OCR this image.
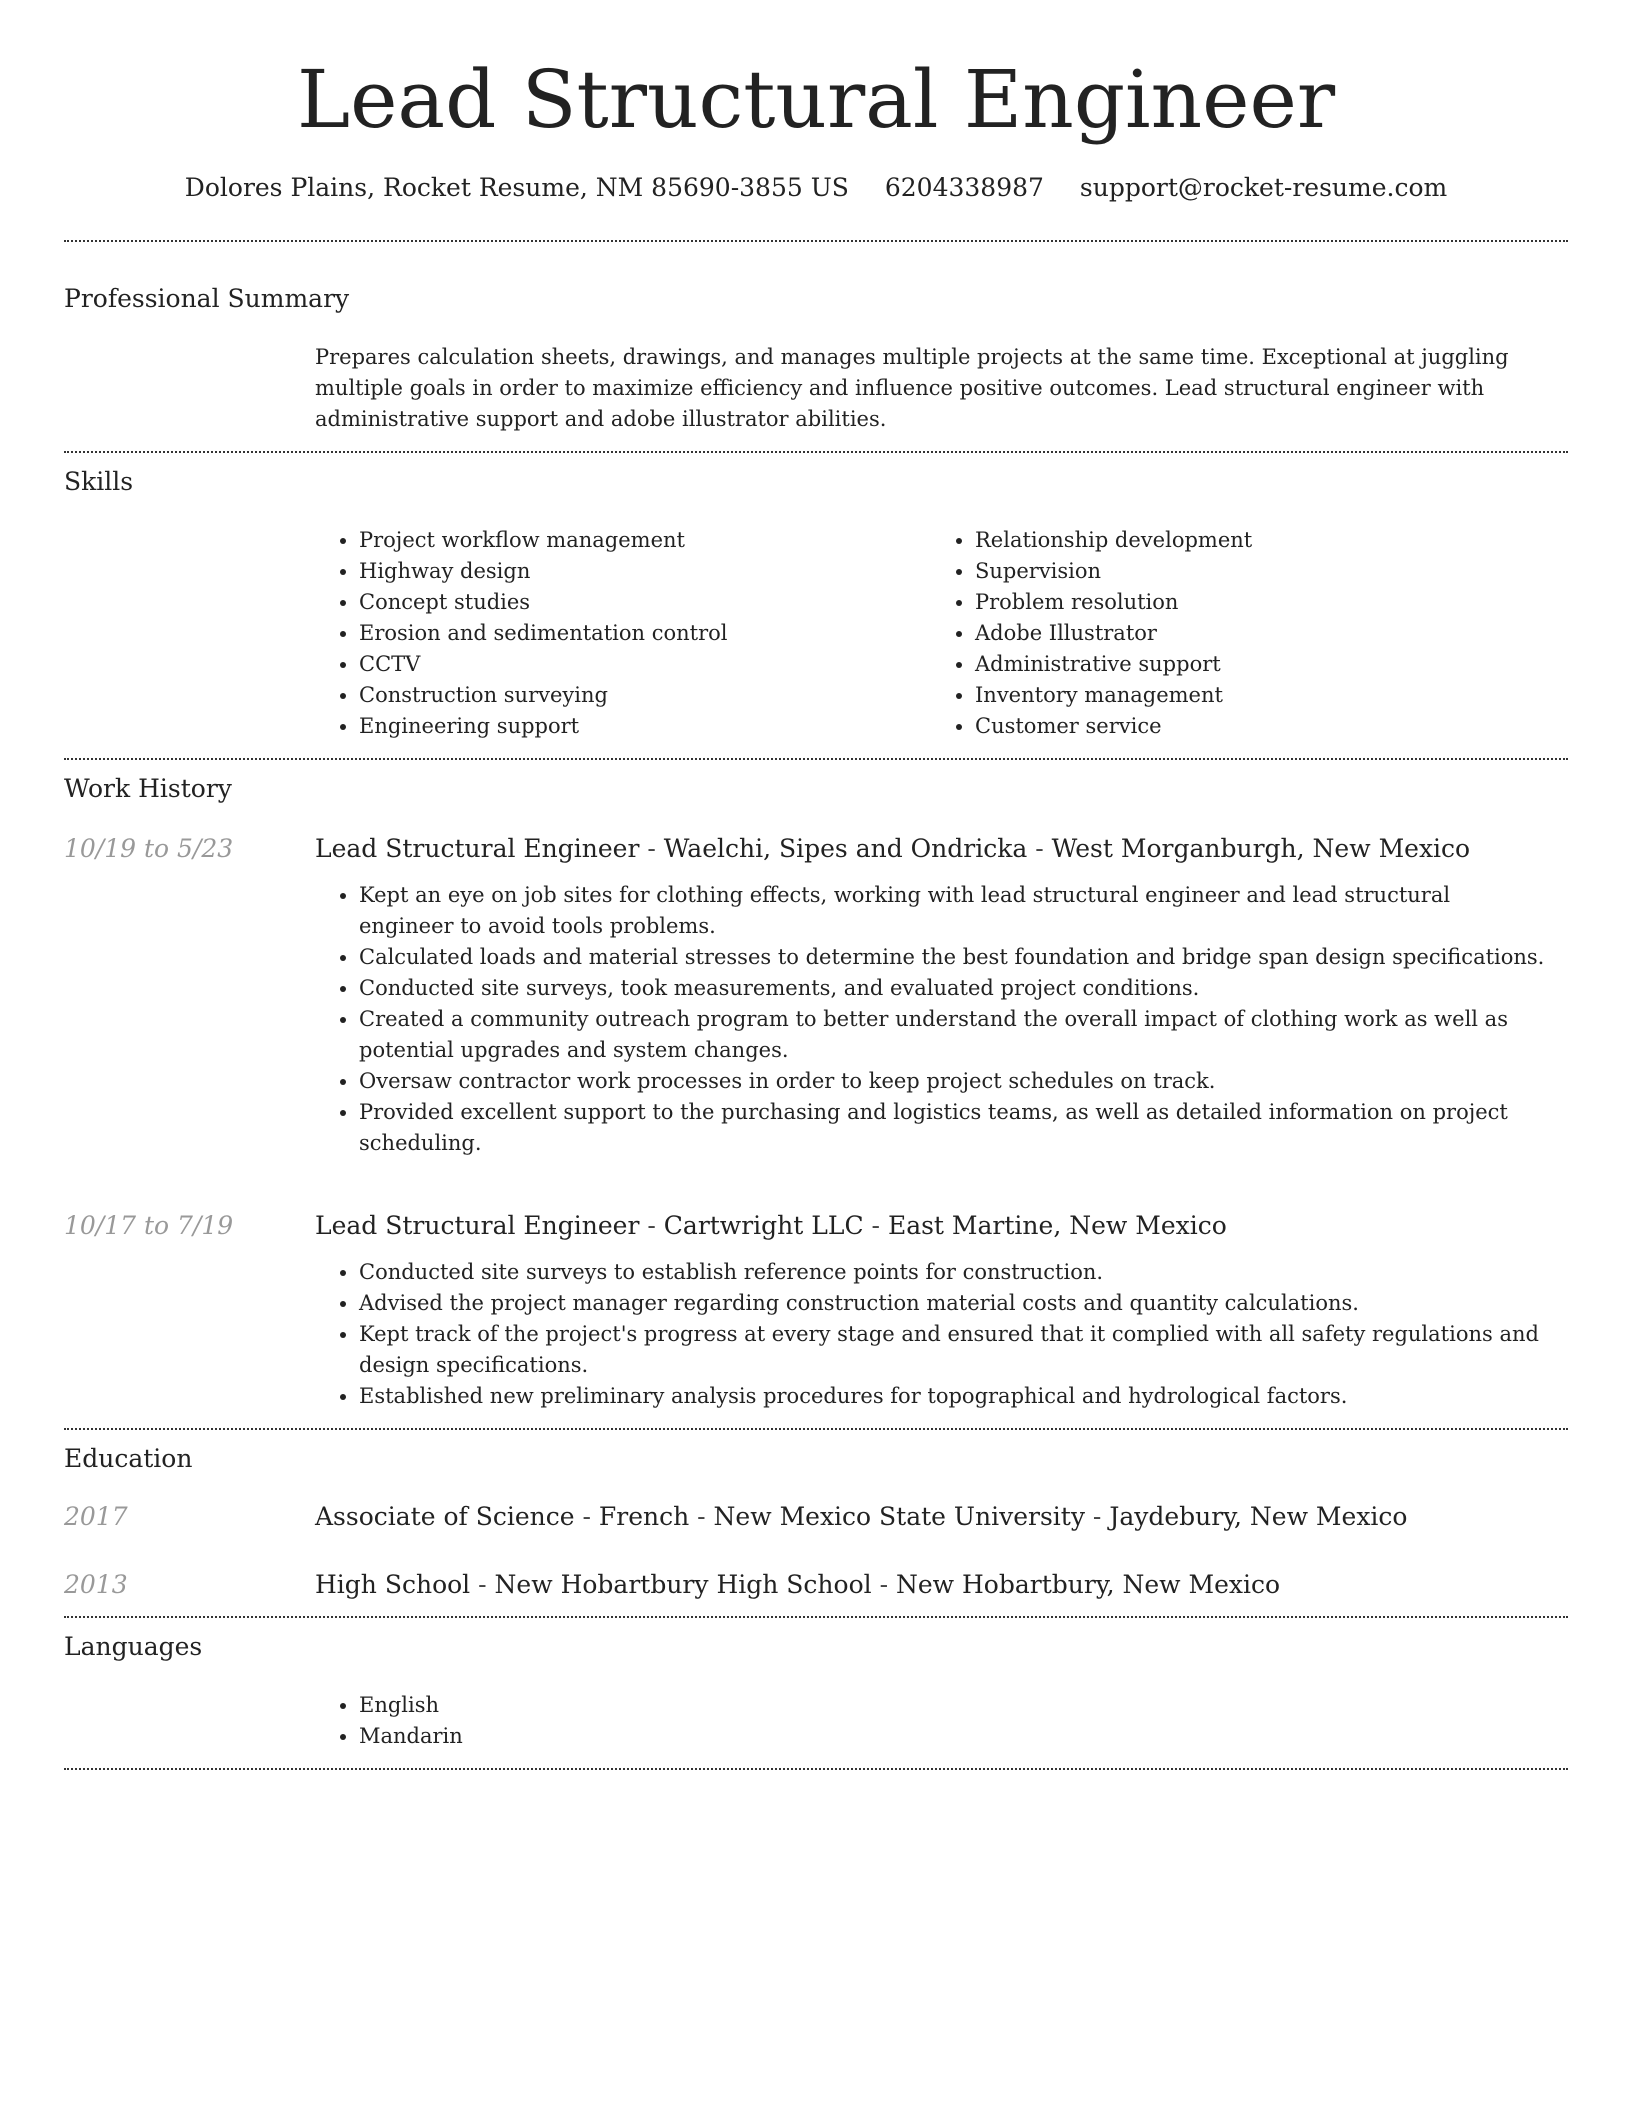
Lead Structural Engineer
Dolores Plains, Rocket Resume, NM 85690-3855 US 6204338987 support@rocket-resume.com
Professional Summary

Prepares calculation sheets, drawings, and manages multiple projects at the same time. Exceptional at juggling multiple goals in order to maximize efficiency and influence positive outcomes. Lead structural engineer with administrative support and adobe illustrator abilities.

Skills
• Project workflow management
• Highway design
• Concept studies
• Erosion and sedimentation control
• CCTV
• Construction surveying
• Engineering support
• Relationship development
• Supervision
• Problem resolution
• Adobe Illustrator
• Administrative support
• Inventory management
• Customer service
Work History
10/19 to 5/23	Lead Structural Engineer - Waelchi, Sipes and Ondricka - West Morganburgh, New Mexico
• Kept an eye on job sites for clothing effects, working with lead structural engineer and lead structural engineer to avoid tools problems.
• Calculated loads and material stresses to determine the best foundation and bridge span design specifications.
• Conducted site surveys, took measurements, and evaluated project conditions.
• Created a community outreach program to better understand the overall impact of clothing work as well as potential upgrades and system changes.
• Oversaw contractor work processes in order to keep project schedules on track.
• Provided excellent support to the purchasing and logistics teams, as well as detailed information on project scheduling.
10/17 to 7/19	Lead Structural Engineer - Cartwright LLC - East Martine, New Mexico
• Conducted site surveys to establish reference points for construction.
• Advised the project manager regarding construction material costs and quantity calculations.
• Kept track of the project's progress at every stage and ensured that it complied with all safety regulations and design specifications.
• Established new preliminary analysis procedures for topographical and hydrological factors.
Education
2017	Associate of Science - French - New Mexico State University - Jaydebury, New Mexico
2013	High School - New Hobartbury High School - New Hobartbury, New Mexico
Languages
• English
• Mandarin
